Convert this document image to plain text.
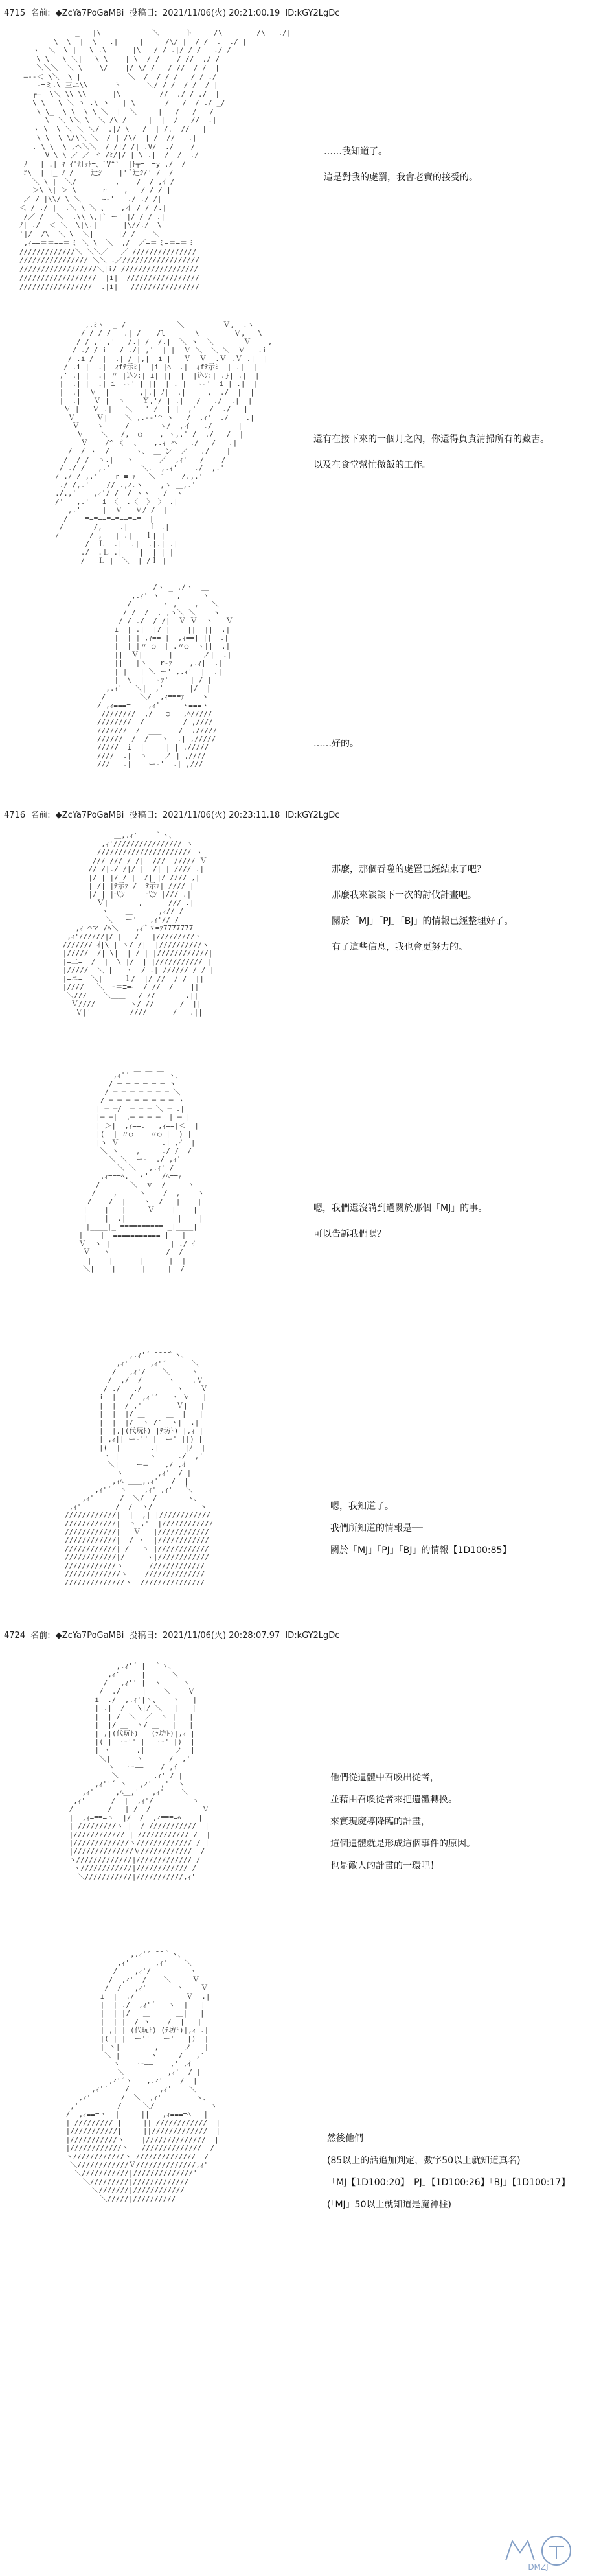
4715 名前: ◆ZcYa7PoGaMBi 投稿日: 2021/11/06(火) 20:21:00.19 ID:kGY2LgDc
_   |\            ＼      ト     /\        /\   ./|
\  \  |  \   .|     |     /\/ |  / /  .  ./ |
ヽ  ＼  \ |   \ .\      |\   / / .|/ / /   ./ /
\ \   \ ＼|   \ \    | \  / /    / //  ./ /
＼＼＼  ＼ \    \/    |/ \/ /   / //  / /  |
―--＜ \＼  \ |           ＼  /  / / /   / / ./
-=ミ.\ 三ニ\\      ト      ＼/ / /  / /  / |
┌―  \＼ \\ \\      |\         //  ./ / ./  |
\ \   \ ＼ ヽ .\ ヽ   | \       /   /  / ./ _/
\ \_  \ \  \ \ ＼  |  ＼     |   /   /   /
\  ＼ \＼ \  ＼ /\ /     |  |  /   //  .|
ヽ \  \ ＼ ＼ ＼/  .|/ \   /  | /.  //   |
\ \  \ \/\＼ ＼  / | /\/  | /  //   .|
. \ \  \ ,へ＼＼  / /|/ /| .V/  ./    /
V \ \ ／ ／ ヾ /ﾐ/|/ | \ .|  /  /  ./
ﾉ   | .| ﾏ ｲ'灯ｯﾄ=、ﾞV^`  |ﾄ┬=＝=y ./  /
ﾆ\  | |_ ﾉ /    辷ｼ    |' ﾞ辷ｼ/' /  /
＼ \ |  ＼/         ,    /  / ,ｲ /
＞\ \| ＞ \      r_ __,   / / / |
／ / |\\/ \ ＼     ｰ-'   ./ ./ /|
＜ / ./ |  .＼ \ ＼ 、   ,イ / / /.|
/／ /   ＼  .\\ \,|` ー' |/ / / .|
ﾉ| ./  ＜ ＼  \|\.|      |\//./  \
`|/  /\  ＼ \  ＼|   　 |/ /    ＼
,ｨ==＝＝==＝ミ ＼ \  ＼  ,/  ／=＝ミ=＝=＝ミ
/////////////＼ ＼＼／¨¨¨／ ///////////////
//////////////// ＼＼ .／//////////////////
//////////////////＼|i/ //////////////////
//////////////////  |i|  /////////////////
/////////////////  .|i|   ////////////////
……我知道了。
這是對我的處罰，我會老實的接受的。
,.ﾐヽ  _ /            ＼         Ｖ,  .ヽ
/ / / /   .| / 　 /l       \        Ｖ,   \
/ / ,' ,'   /.| /  /.|  ＼ ヽ  ＼       Ｖ    ,
/ ./ / i   / ./| ,'  | |  Ｖ ＼  ＼ ＼  Ｖ   .i
/ .i /  |  .| / |,|  i |   Ｖ  Ｖ  .Ｖ .Ｖ .|  |
/ .i |  .|  ｨfﾃ示ﾐ|  |i |ﾍ  .|  ｨfﾃ示ﾐ  | .|  |
,' .| |  .| 〃 |込ﾝ:| i| ||  |  |込ﾝ:| .}| .|  |
|  .| |  .| i  ｰｰ' | ||  | . |   ｰｰ'  i | .|  |
|  .|  Ｖ  |       ,|.| ﾉ|  .|     ,  ./  |  |
|  .|   Ｖ |  ヽ    Ｙ,'/ | .|   /   ./  .|  |
Ｖ |   Ｖ .|   ＼   ' /  | |  ,'   /  ./   |
Ｖ     Ｖ|    ＼ ,.-‐'^ ヽ   /  ,ｨ'  ./    .|
Ｖ    ヽ     /       ヽ/  ,イ   ./      |
Ｖ    ＼   /,  ○    , ヽ,.' /  ./   /  |
Ｖ    /^ く  、   ,.ｨ ハ   ./   /   .|
/  / ヽ  /  ___ ヽ、 ＿_ン  ／   ./    |
/  / /  ヽ.|   ヽ      ／  ,ｨ'   /    /
/ ./ /   ,.'       ＼.  ,.ｨ'    ./  ,.'
/ ./ / ,.'    r=≡=ｧ   ＼ ′    /.,.'
./ /,.'    // .,ｨ.ヽ    ,ヽ ＿,.'
./.,'    ,ｨ'/ /  / ヽヽ   /  ヽ
/'   ,.'   i 〈  .〈  〉 〉 .|
,.'     |  Ｖ   Ｖ/ /  |
/    ≡=≡==≡=≡==≡=≡  |
/       /,    .|     ｌ .|
/       / ,   | .|   ｌ| |
/  Ｌ  .|  .|  .|.| .|
./  .Ｌ .|    |  | | |
/   Ｌ |  ＼  | /ｌ |
還有在接下來的一個月之內，你還得負責清掃所有的藏書。
以及在食堂幫忙做飯的工作。
/ヽ _ ./ヽ  ＿
,.ｨ' ヽ    ,     ヽ
/       ヽ ,    ,   ＼
/ /  /  , ,ヽ＼ ＼    ヽ
/ / ./  / /|  Ｖ Ｖ  ヽ   Ｖ
i  | .|  |/ |    ||  ||  .|
|  | | ,ｨ== |  ,ｨ==| ||  .|
|  | |〃 ○  | .〃○  ヽ||  .|
||  Ｖ|      |       ノ|  .|
||   |ヽ   r-ｧ    ,.ｨ|  .|
| |   | ＼ ー' ,.ｨ'  |  .|
|  \  |   ｰｧ'     | / |
,.ｨ'   ＼|  ,'      |/  |
/        ＼/  ,ｨ≡≡≡ｧ    ヽ
/ ,ｨ≡≡≡=    ,ｨ'     ヽ≡≡≡ヽ
////////  ,/   ○   ,ﾍ/////
////////  /         / ,////
///////  /  ___    /  ./////
//////  /  /   ヽ  .| ,/////
/////  i  |     | | ./////
////  .|  ヽ    ノ | ,////
///   .|    ー‐'  .| ,///
……好的。
4716 名前: ◆ZcYa7PoGaMBi 投稿日: 2021/11/06(火) 20:23:11.18 ID:kGY2LgDc
＿,.ｨ' ̄ ̄ ̄ ｀ヽ、
,ｨ'//////////////// ヽ
////////////////////// ヽ
/// /// / /|  ///  ///// Ｖ
// /|./ /|/ |  /| | //// .|
|/ | |/ / |  /| |/ //// ,|
| /| |ﾃ示ｧ /  ﾃ示ｧ| //// |
|/ | |弋ﾝ     弋ﾝ |/// .|
Ｖ|       ,      /// .|
ヽ    ＿_     ,ｨ// /
＼   ー'   ,ｨ'// /
,ｨ ⌒マ /ﾍ＼___ ,ｨ'ﾞヾ=ｧ7777777
,ｨ'//////|/ |   /   |/////////ヽ
/////// ｲ|\ | ヽ/ /|  |//////////ヽ
|/////  /| \|  | / | |////////////|
|=二=  /  |  \ |/  | |/////////// |
|/////  ＼ |   ヽ  / .| ////// / / |
|=ニ=  ＼|     ｌ/  |/ //  / /  ||
|////   ＼ ー＝≡=ｰ  / //  /    ||
＼///    ＼＿＿   / //       .||
Ｖ////        ヽ/ //      /  ||
Ｖ|'         ////      /   .||
那麼，那個吞噬的處置已經結束了吧？
那麼我來談談下一次的討伐計畫吧。
關於「MJ」「PJ」「BJ」的情報已經整理好了。
有了這些信息，我也會更努力的。
＿＿＿＿＿
,ｨ'´ ￣ ￣ ￣ ヽ、
/ ─ ─ ─ ─ ─ ─ ヽ
/ ─ ─ ─ ─ ─ ─ ─ ＼
/ ─ ─ ─ ─ ─ ─ ─ ─ ヽ
| ─ ─/  ─ ─ ─ ＼ ─ .|
|─ ─|  .─ ─ ─ ─  | ─ |
| ＞|  ,ｨ==.   ,ｨ==|＜  |
|(  | 〃○    〃○ |  ) |
|ヽ Ｖ          .| ,ｲ  |
＼ ヽ    ,     ./ /  /
＼ ＼  ー‐  ./ ,ｨ'
＼ ＼   ,.ｨ' /
,ｨ===ﾍ.  ヽ' __/ﾍ==ｧ
/       ＼  ｖ  /     ヽ
/    ,     ヽ    /  ,    ヽ
/    /  |    ヽ  /   |    |
|    |   |     Ｖ    |    |
|    |  .|            |    |
＿|____|_ ≡≡≡≡≡≡≡≡≡≡ _|____|＿
|    |  ≡≡≡≡≡≡≡≡≡≡≡ |   |
Ｖ  ヽ |              | ./ ｲ
Ｖ   ヽ             /  /
|    |      |      |  |
＼|    |      |     |  /
嗯，我們還沒講到過關於那個「MJ」的事。
可以告訴我們嗎？
,.ｨ'´ ̄ ̄ ̄ ̄｀ヽ、
,ｨ'     ,ｨ'´      ＼
/   ,ｨ'/    ＼     ヽ
/  ,/  /      ヽ    .Ｖ
/ ./   ./        ヽ    Ｖ
i  |   /  ,ｨ'´   ヽ Ｖ   |
|  |  / ,'        Ｖ|   |
|  |  |/ ＿_    ＿_ |   |
|  |  |/ ̄ ̄ヽ /' ̄ ̄ヽ|  .|
|  |,|(代玩ﾄ) |ﾃ坊ﾄ) |,ｨ |
| ,ｨ|| ー‐'' |  ー' ||) |
|(  |       .|      |ﾉ  |
ヽ |       ヽ     ./  ,'
＼|    ー―    ,/ ,ｲ
ヽ        ,ｨ'  / |
,ｨﾍ ＿＿,.ｨ'   /  |
,ｨ'´  ヽ    ,ｨ' ,ｨ'   ＼
,ｨ'      /  ＼/  /       ヽ、
,ｨ'        /  /  ヽ/           ヽ
////////////|  |  ,| |////////////
////////////|  ヽ ,'  |////////////
////////////|   Ｖ   |////////////
////////////|  / ヽ  |////////////
////////////| /   ヽ |////////////
////////////|/     ヽ|////////////
////////////ヽ      /////////////
/////////////ヽ    //////////////
//////////////ヽ  ///////////////
嗯，我知道了。
我們所知道的情報是──
關於「MJ」「PJ」「BJ」的情報【1D100:85】
4724 名前: ◆ZcYa7PoGaMBi 投稿日: 2021/11/06(火) 20:28:07.97 ID:kGY2LgDc
｜
,.ｨ'´ |  ｀ヽ、
,ｨ'     |      ＼
/   ,ｨ'' |  ヽ     ヽ
/  ./     |    ＼    Ｖ
i  ./  ,.ｨ'|ヽ、   ヽ   |
| .|  /   \|/ ＼   |   |
|  | /  ＼  ／  ヽ |   |
|  |/ ＿_ ヽ/ ＿_  |   |
| ,|(代玩ﾄ)   (ﾃ坊ﾄ)|,ｨ |
|( |  ー'' |   ー' |)  |
| ヽ      .|       ノ  |
＼|      ヽ      /  ,'
ヽ   ー――    / ,ｲ
＼        ,ｨ' / |
,ｨ''´ ヽ   ,ｨ'  ,'  ヽ
,ｨ'     ,ﾍ＿,'   ,ｨ'    ＼
,ｨ'      /  |  ,ｨ'/         ヽ
/        /   | /  /            Ｖ
|  ,ｨ=≡≡=ヽ  |/  /  ,ｨ≡≡≡=ﾍ    |
| /////////ヽ |  / ///////////  |
|//////////// | //////////// /  |
|/////////////ヽ///////////// / |
|//////////////Ｖ////////////  /
ヽ/////////////|///////////// /
ヽ////////////|//////////// /
＼///////////|///////////,ｨ'
他們從遺體中召喚出從者，
並藉由召喚從者來把遺體轉換。
來實現魔導降臨的計畫，
這個遺體就是形成這個事件的原因。
也是敵人的計畫的一環吧！
,.ｨ'´ ̄ ̄ ｀ヽ、
,ｨ'      ,ｨ'    ＼
/    ,ｨ'/         ヽ
/  ,ｨ'  /    ＼     Ｖ
/  /   ,ｨ'       ヽ    Ｖ
i  |  ./            Ｖ  .|
|  | ./  ,ｨ'´   ヽ  |   |
|  | |/   ＿      ＿|   |
|  | |  / ̄ヽ    / ̄ |   |
| ,| | (代玩ﾄ) (ﾃ坊ﾄ)|,ｨ .|
|( | |  ー''   ー'   |)  |
| ヽ|        ,      ノ   |
＼ |       ヽ     /   ,'
ヽ    ー――    ,' ,ｲ
＼          ,ｨ'  / |
,ｨ'´ヽ＿＿,.ｨ'    /  |
,ｨ'´    /       ,ｨ'    ＼
,ｨ'       /  ＼  ,ｨ'        ヽ、
,'         /     ＼/             ヽ
/  ,ｨ≡≡=ヽ  |     ||   ,ｨ≡≡≡=ﾍ   |
| ///////// |     || ////////////  |
|///////////|     ||/////////////  |
|///////////ヽ    |//////////////  |
|////////////ヽ   //////////////  /
ヽ////////////ヽ //////////////  /
＼////////////Ｖ//////////////,ｨ'
＼///////////|//////////////'
＼/////////|/////////////
＼///////|////////////
＼/////|//////////
然後他們
(85以上的話追加判定，數字50以上就知道真名)
「MJ【1D100:20】「PJ」【1D100:26】「BJ」【1D100:17】
(「MJ」50以上就知道是魔神柱)
DMZJ
